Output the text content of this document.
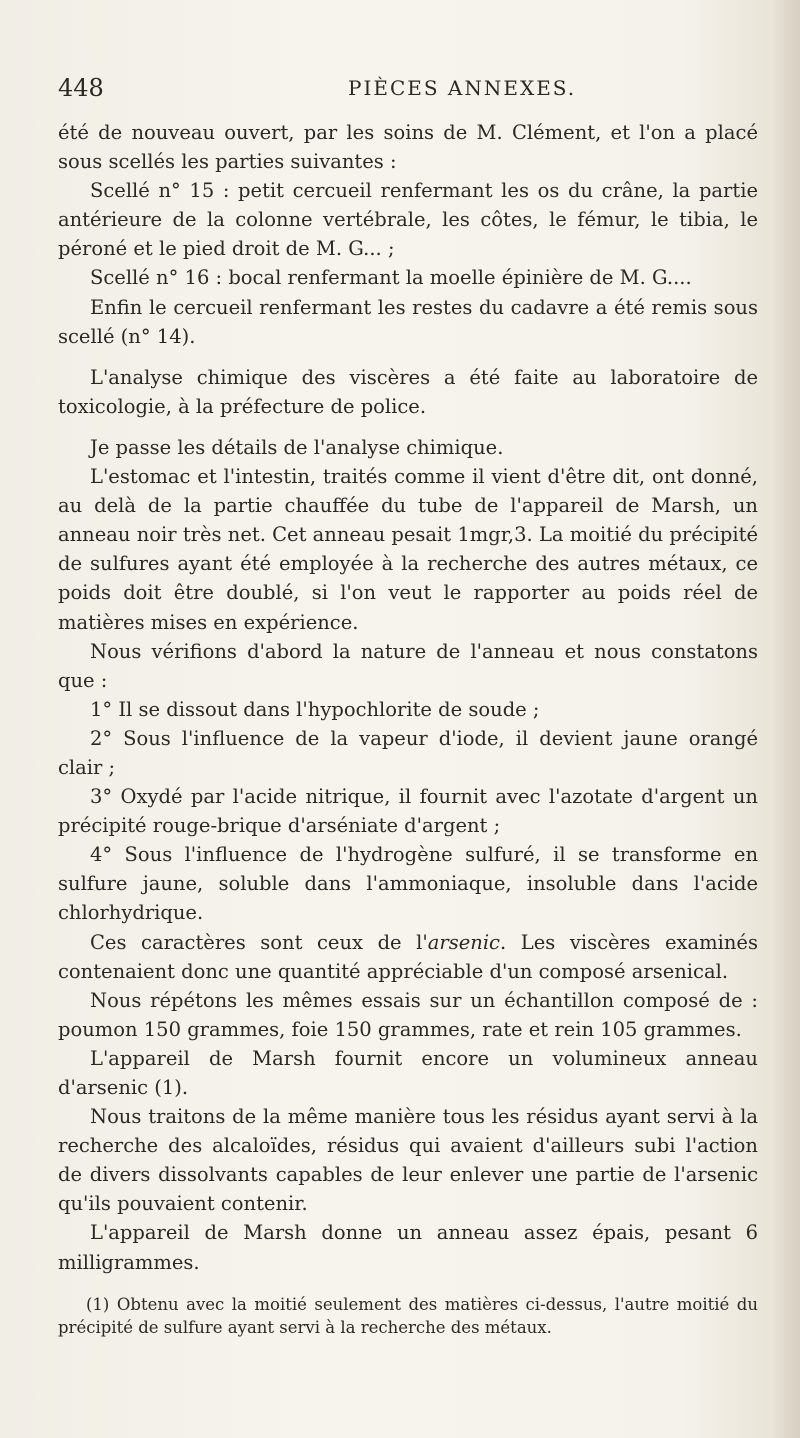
448	PIÈCES ANNEXES.

été de nouveau ouvert, par les soins de M. Clément, et l'on a placé sous scellés les parties suivantes :

Scellé n° 15 : petit cercueil renfermant les os du crâne, la partie antérieure de la colonne vertébrale, les côtes, le fémur, le tibia, le péroné et le pied droit de M. G... ;

Scellé n° 16 : bocal renfermant la moelle épinière de M. G....

Enfin le cercueil renfermant les restes du cadavre a été remis sous scellé (n° 14).

L'analyse chimique des viscères a été faite au laboratoire de toxicologie, à la préfecture de police.

Je passe les détails de l'analyse chimique.

L'estomac et l'intestin, traités comme il vient d'être dit, ont donné, au delà de la partie chauffée du tube de l'appareil de Marsh, un anneau noir très net. Cet anneau pesait 1mgr,3. La moitié du précipité de sulfures ayant été employée à la recherche des autres métaux, ce poids doit être doublé, si l'on veut le rapporter au poids réel de matières mises en expérience.

Nous vérifions d'abord la nature de l'anneau et nous constatons que :

1° Il se dissout dans l'hypochlorite de soude ;

2° Sous l'influence de la vapeur d'iode, il devient jaune orangé clair ;

3° Oxydé par l'acide nitrique, il fournit avec l'azotate d'argent un précipité rouge-brique d'arséniate d'argent ;

4° Sous l'influence de l'hydrogène sulfuré, il se transforme en sulfure jaune, soluble dans l'ammoniaque, insoluble dans l'acide chlorhydrique.

Ces caractères sont ceux de l'arsenic. Les viscères examinés contenaient donc une quantité appréciable d'un composé arsenical.

Nous répétons les mêmes essais sur un échantillon composé de : poumon 150 grammes, foie 150 grammes, rate et rein 105 grammes.

L'appareil de Marsh fournit encore un volumineux anneau d'arsenic (1).

Nous traitons de la même manière tous les résidus ayant servi à la recherche des alcaloïdes, résidus qui avaient d'ailleurs subi l'action de divers dissolvants capables de leur enlever une partie de l'arsenic qu'ils pouvaient contenir.

L'appareil de Marsh donne un anneau assez épais, pesant 6 milligrammes.

(1) Obtenu avec la moitié seulement des matières ci-dessus, l'autre moitié du précipité de sulfure ayant servi à la recherche des métaux.
